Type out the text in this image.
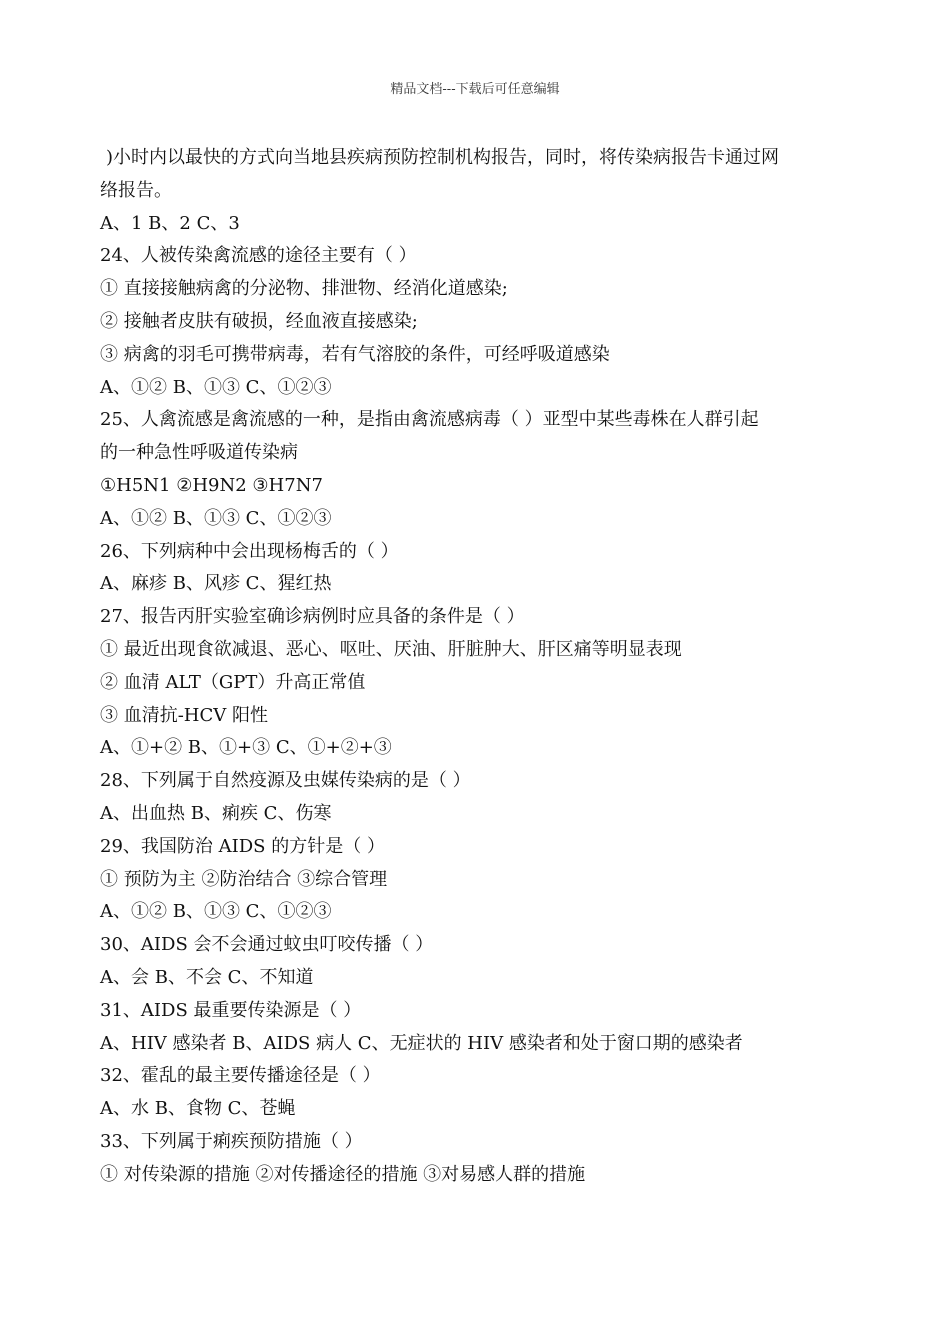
精品文档---下载后可任意编辑
)小时内以最快的方式向当地县疾病预防控制机构报告，同时，将传染病报告卡通过网
络报告。
A、1 B、2 C、3
24、人被传染禽流感的途径主要有（ ）
① 直接接触病禽的分泌物、排泄物、经消化道感染;
② 接触者皮肤有破损，经血液直接感染;
③ 病禽的羽毛可携带病毒，若有气溶胶的条件，可经呼吸道感染
A、①② B、①③ C、①②③
25、人禽流感是禽流感的一种，是指由禽流感病毒（ ）亚型中某些毒株在人群引起
的一种急性呼吸道传染病
①H5N1 ②H9N2 ③H7N7
A、①② B、①③ C、①②③
26、下列病种中会出现杨梅舌的（ ）
A、麻疹 B、风疹 C、猩红热
27、报告丙肝实验室确诊病例时应具备的条件是（ ）
① 最近出现食欲减退、恶心、呕吐、厌油、肝脏肿大、肝区痛等明显表现
② 血清 ALT（GPT）升高正常值
③ 血清抗-HCV 阳性
A、①+② B、①+③ C、①+②+③
28、下列属于自然疫源及虫媒传染病的是（ ）
A、出血热 B、痢疾 C、伤寒
29、我国防治 AIDS 的方针是（ ）
① 预防为主 ②防治结合 ③综合管理
A、①② B、①③ C、①②③
30、AIDS 会不会通过蚊虫叮咬传播（ ）
A、会 B、不会 C、不知道
31、AIDS 最重要传染源是（ ）
A、HIV 感染者 B、AIDS 病人 C、无症状的 HIV 感染者和处于窗口期的感染者
32、霍乱的最主要传播途径是（ ）
A、水 B、食物 C、苍蝇
33、下列属于痢疾预防措施（ ）
① 对传染源的措施 ②对传播途径的措施 ③对易感人群的措施
